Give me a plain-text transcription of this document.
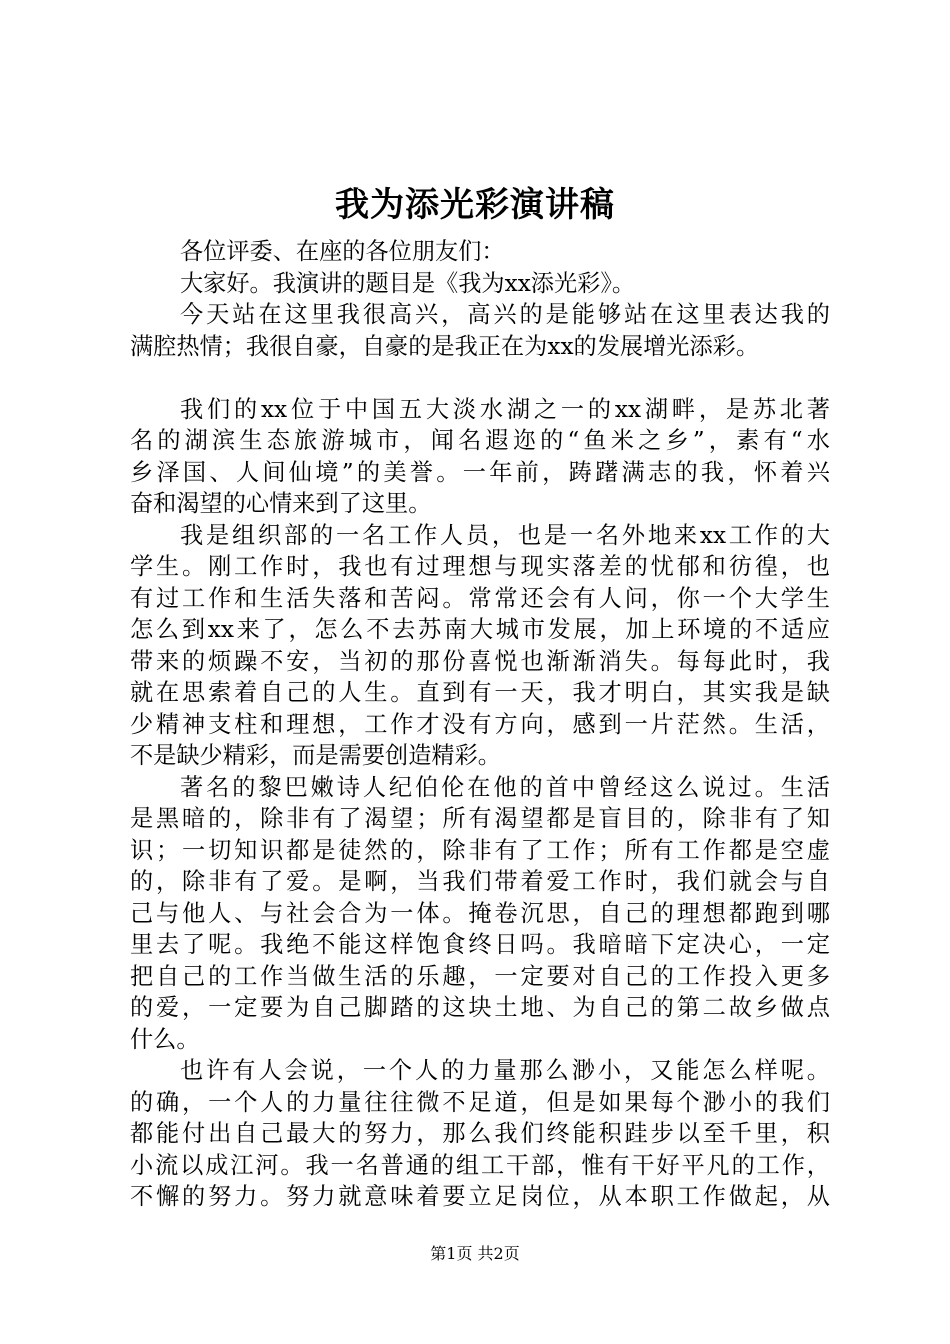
我为添光彩演讲稿
各位评委、在座的各位朋友们：
大家好。我演讲的题目是《我为xx添光彩》。
今天站在这里我很高兴，高兴的是能够站在这里表达我的
满腔热情；我很自豪，自豪的是我正在为xx的发展增光添彩。
我们的xx位于中国五大淡水湖之一的xx湖畔，是苏北著
名的湖滨生态旅游城市，闻名遐迩的“鱼米之乡”，素有“水
乡泽国、人间仙境”的美誉。一年前，踌躇满志的我，怀着兴
奋和渴望的心情来到了这里。
我是组织部的一名工作人员，也是一名外地来xx工作的大
学生。刚工作时，我也有过理想与现实落差的忧郁和彷徨，也
有过工作和生活失落和苦闷。常常还会有人问，你一个大学生
怎么到xx来了，怎么不去苏南大城市发展，加上环境的不适应
带来的烦躁不安，当初的那份喜悦也渐渐消失。每每此时，我
就在思索着自己的人生。直到有一天，我才明白，其实我是缺
少精神支柱和理想，工作才没有方向，感到一片茫然。生活，
不是缺少精彩，而是需要创造精彩。
著名的黎巴嫩诗人纪伯伦在他的首中曾经这么说过。生活
是黑暗的，除非有了渴望；所有渴望都是盲目的，除非有了知
识；一切知识都是徒然的，除非有了工作；所有工作都是空虚
的，除非有了爱。是啊，当我们带着爱工作时，我们就会与自
己与他人、与社会合为一体。掩卷沉思，自己的理想都跑到哪
里去了呢。我绝不能这样饱食终日吗。我暗暗下定决心，一定
把自己的工作当做生活的乐趣，一定要对自己的工作投入更多
的爱，一定要为自己脚踏的这块土地、为自己的第二故乡做点
什么。
也许有人会说，一个人的力量那么渺小，又能怎么样呢。
的确，一个人的力量往往微不足道，但是如果每个渺小的我们
都能付出自己最大的努力，那么我们终能积跬步以至千里，积
小流以成江河。我一名普通的组工干部，惟有干好平凡的工作，
不懈的努力。努力就意味着要立足岗位，从本职工作做起，从
第1页 共2页
